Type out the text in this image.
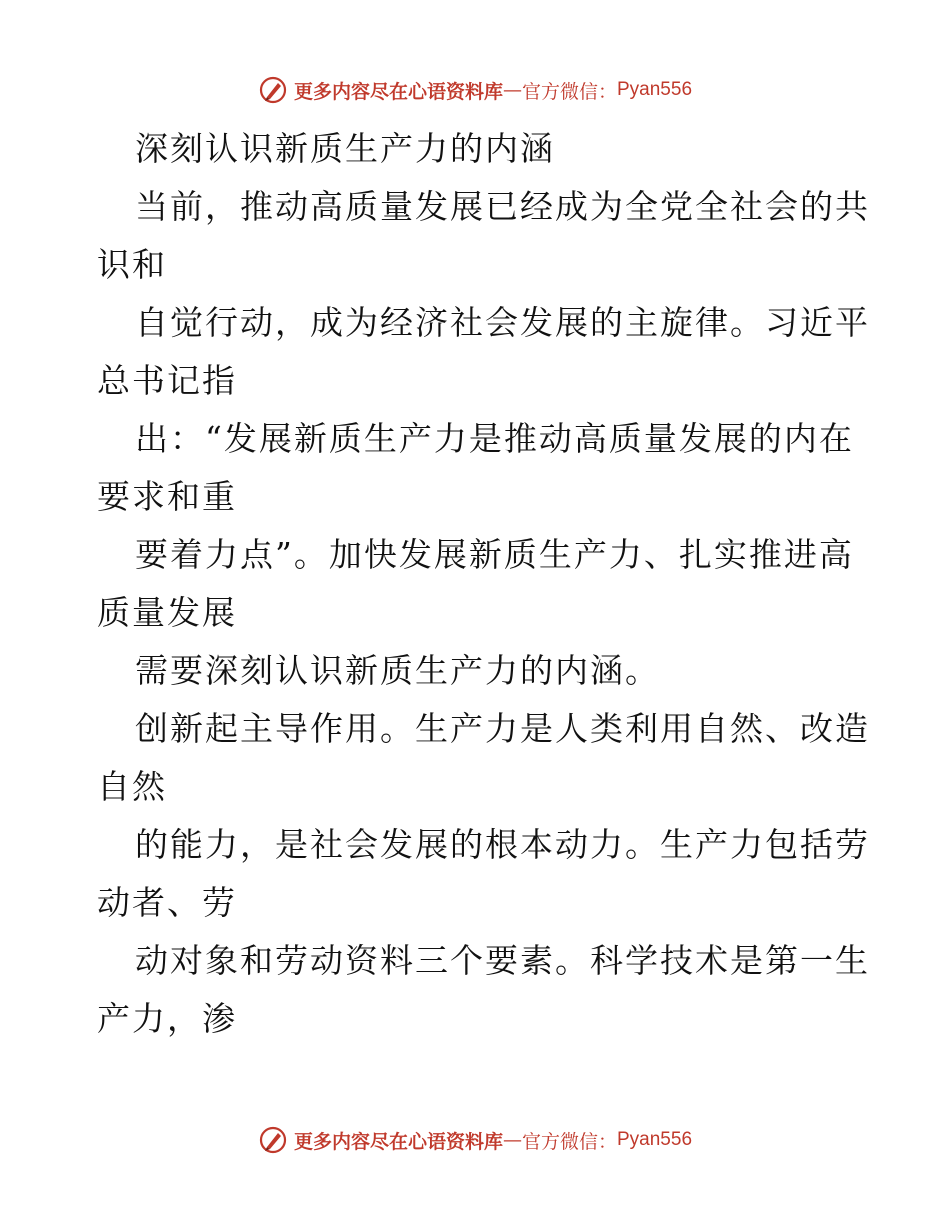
更多内容尽在心语资料库 — 官方微信： Pyan556
深刻认识新质生产力的内涵
当前，推动高质量发展已经成为全党全社会的共
识和
自觉行动，成为经济社会发展的主旋律。习近平
总书记指
出：“发展新质生产力是推动高质量发展的内在
要求和重
要着力点”。加快发展新质生产力、扎实推进高
质量发展
需要深刻认识新质生产力的内涵。
创新起主导作用。生产力是人类利用自然、改造
自然
的能力，是社会发展的根本动力。生产力包括劳
动者、劳
动对象和劳动资料三个要素。科学技术是第一生
产力，渗
更多内容尽在心语资料库 — 官方微信： Pyan556
